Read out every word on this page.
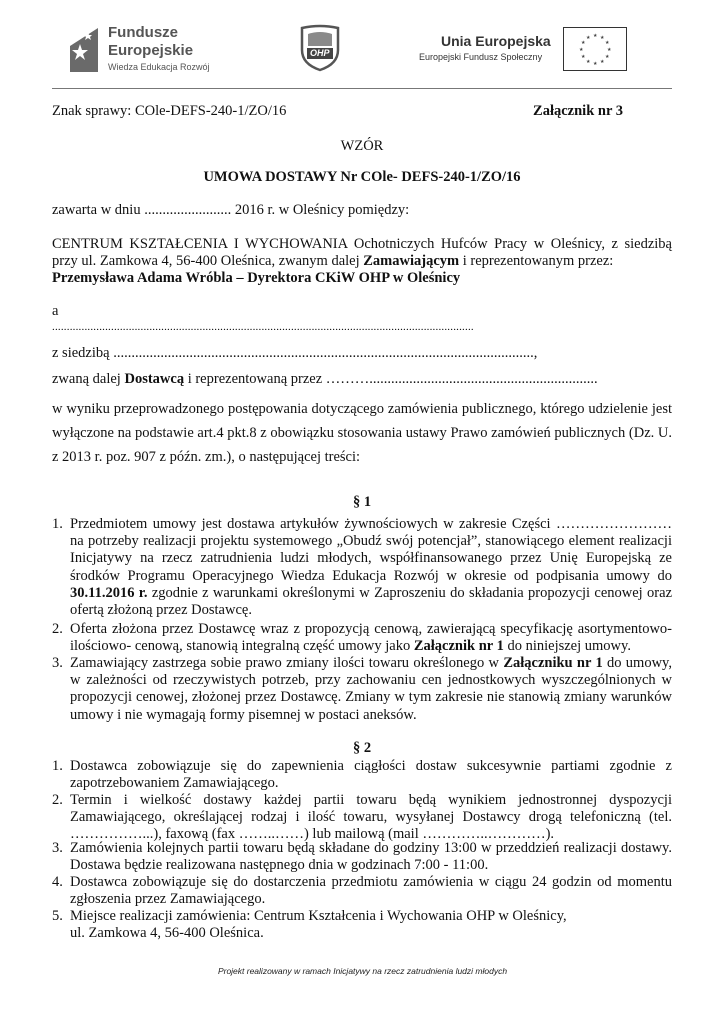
Fundusze
Europejskie
Wiedza Edukacja Rozwój
OHP
Unia Europejska
Europejski Fundusz Społeczny
★ ★
★
★
★
★
★
★
★
★
★
★
Znak sprawy: COle-DEFS-240-1/ZO/16	Załącznik nr 3
WZÓR
UMOWA DOSTAWY Nr COle- DEFS-240-1/ZO/16
zawarta w dniu ........................ 2016 r. w Oleśnicy pomiędzy:
CENTRUM KSZTAŁCENIA I WYCHOWANIA Ochotniczych Hufców Pracy w Oleśnicy, z siedzibą przy ul. Zamkowa 4, 56-400 Oleśnica, zwanym dalej Zamawiającym i reprezentowanym przez:
Przemysława Adama Wróbla – Dyrektora CKiW OHP w Oleśnicy
a
...............................................................................................................................................
z siedzibą ....................................................................................................................,
zwaną dalej Dostawcą i reprezentowaną przez ………...............................................................
w wyniku przeprowadzonego postępowania dotyczącego zamówienia publicznego, którego udzielenie jest wyłączone na podstawie art.4 pkt.8 z obowiązku stosowania ustawy Prawo zamówień publicznych (Dz. U. z 2013 r. poz. 907 z późn. zm.), o następującej treści:
§ 1
1. Przedmiotem umowy jest dostawa artykułów żywnościowych w zakresie Części …………………… na potrzeby realizacji projektu systemowego „Obudź swój potencjał”, stanowiącego element realizacji Inicjatywy na rzecz zatrudnienia ludzi młodych, współfinansowanego przez Unię Europejską ze środków Programu Operacyjnego Wiedza Edukacja Rozwój w okresie od podpisania umowy do 30.11.2016 r. zgodnie z warunkami określonymi w Zaproszeniu do składania propozycji cenowej oraz ofertą złożoną przez Dostawcę.
2. Oferta złożona przez Dostawcę wraz z propozycją cenową, zawierającą specyfikację asortymentowo-ilościowo- cenową, stanowią integralną część umowy jako Załącznik nr 1 do niniejszej umowy.
3. Zamawiający zastrzega sobie prawo zmiany ilości towaru określonego w Załączniku nr 1 do umowy, w zależności od rzeczywistych potrzeb, przy zachowaniu cen jednostkowych wyszczególnionych w propozycji cenowej, złożonej przez Dostawcę. Zmiany w tym zakresie nie stanowią zmiany warunków umowy i nie wymagają formy pisemnej w postaci aneksów.
§ 2
1. Dostawca zobowiązuje się do zapewnienia ciągłości dostaw sukcesywnie partiami zgodnie z zapotrzebowaniem Zamawiającego.
2. Termin i wielkość dostawy każdej partii towaru będą wynikiem jednostronnej dyspozycji Zamawiającego, określającej rodzaj i ilość towaru, wysyłanej Dostawcy drogą telefoniczną (tel. ……………...), faxową (fax ……..……) lub mailową (mail …………..…………).
3. Zamówienia kolejnych partii towaru będą składane do godziny 13:00 w przeddzień realizacji dostawy. Dostawa będzie realizowana następnego dnia w godzinach 7:00 - 11:00.
4. Dostawca zobowiązuje się do dostarczenia przedmiotu zamówienia w ciągu 24 godzin od momentu zgłoszenia przez Zamawiającego.
5. Miejsce realizacji zamówienia: Centrum Kształcenia i Wychowania OHP w Oleśnicy,
ul. Zamkowa 4, 56-400 Oleśnica.
Projekt realizowany w ramach Inicjatywy na rzecz zatrudnienia ludzi młodych
